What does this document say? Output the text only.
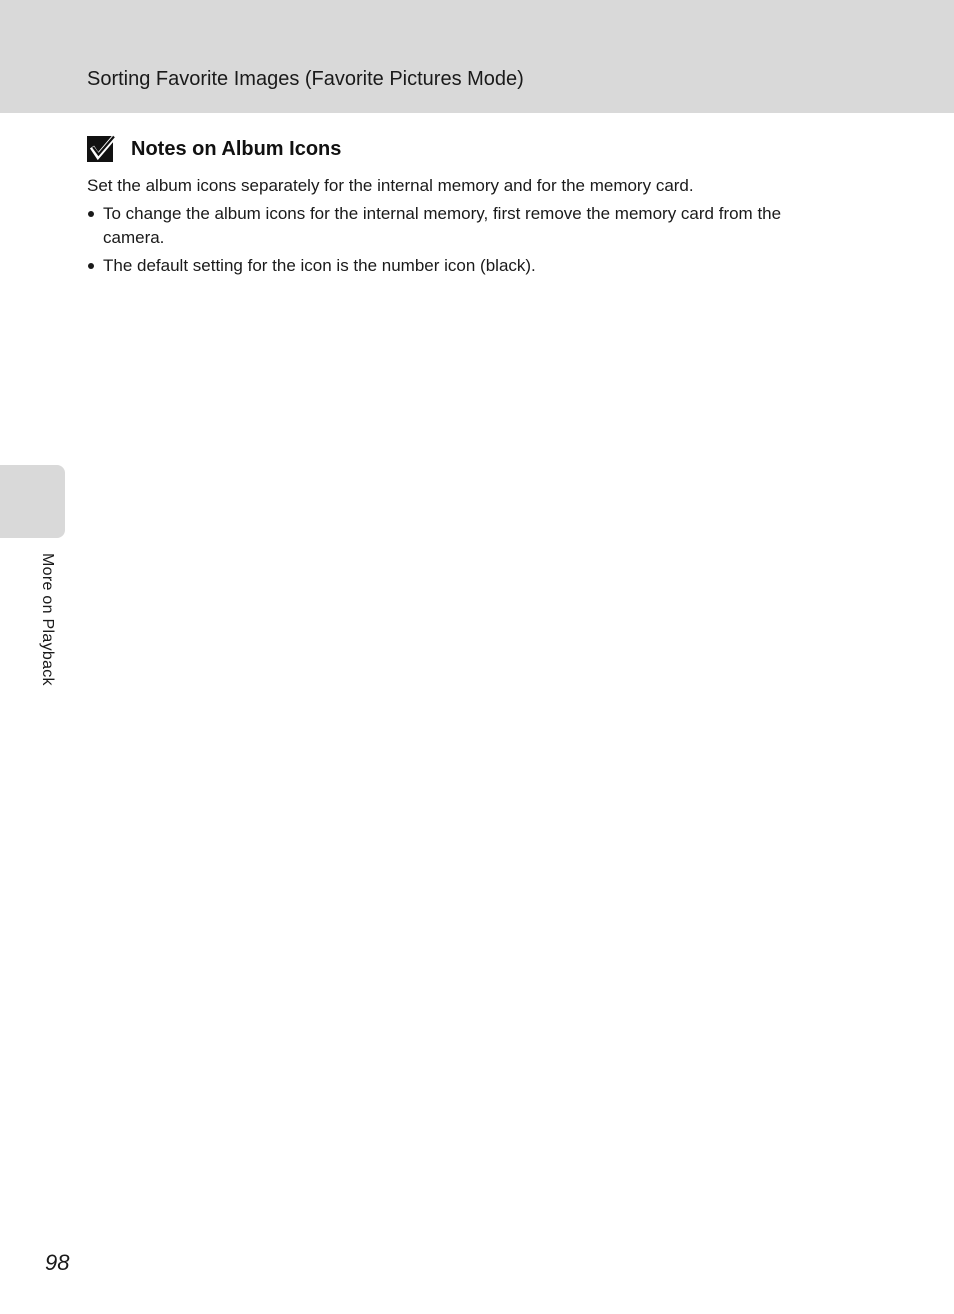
Sorting Favorite Images (Favorite Pictures Mode)
Notes on Album Icons
Set the album icons separately for the internal memory and for the memory card.
To change the album icons for the internal memory, first remove the memory card from the camera.
The default setting for the icon is the number icon (black).
More on Playback
98
